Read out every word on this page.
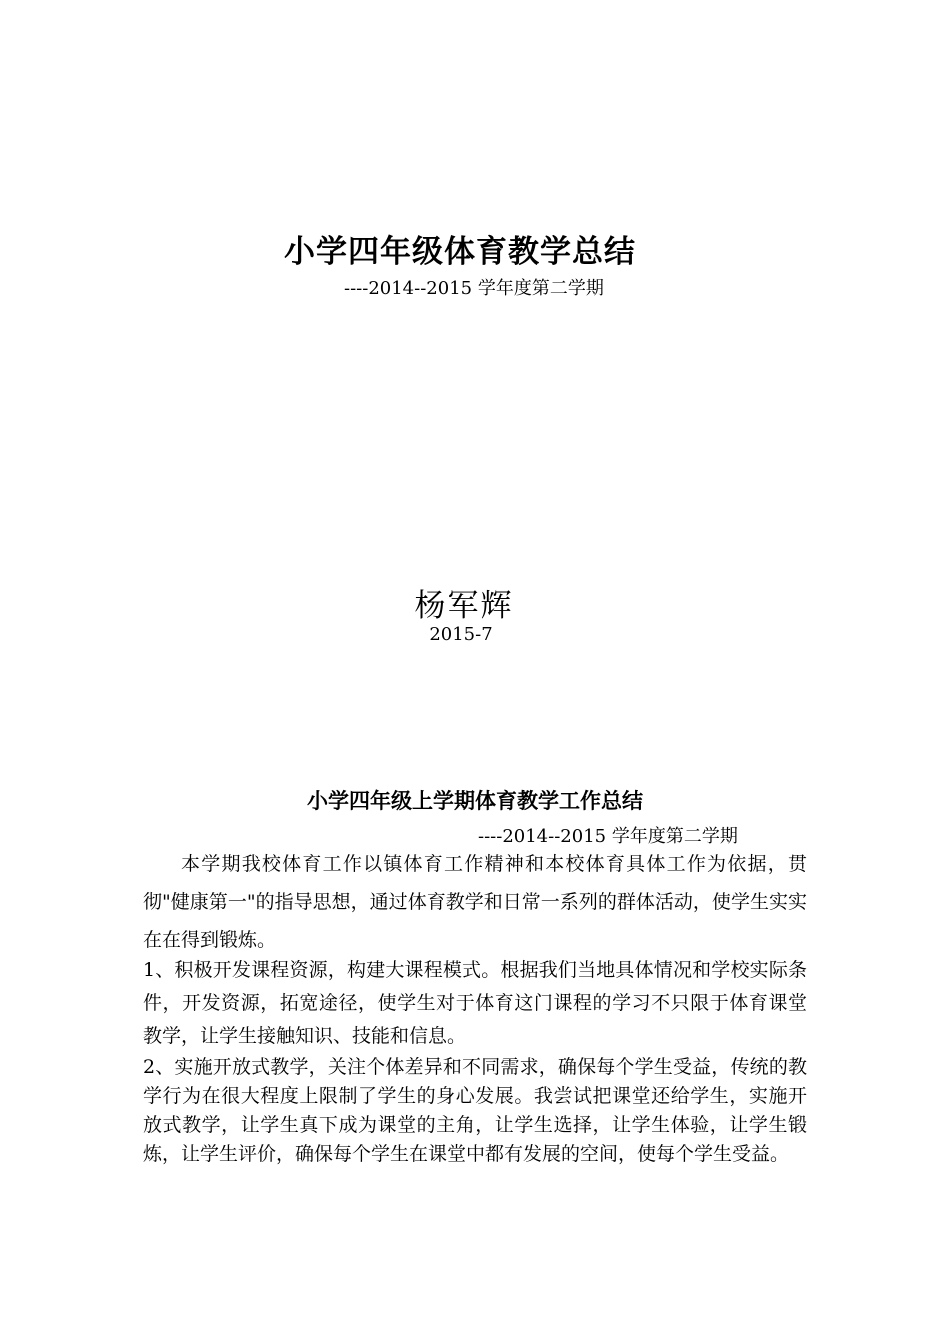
小学四年级体育教学总结
----2014--2015 学年度第二学期
杨军辉
2015-7
小学四年级上学期体育教学工作总结
----2014--2015 学年度第二学期
本学期我校体育工作以镇体育工作精神和本校体育具体工作为依据，贯彻"健康第一"的指导思想，通过体育教学和日常一系列的群体活动，使学生实实在在得到锻炼。
1、积极开发课程资源，构建大课程模式。根据我们当地具体情况和学校实际条件，开发资源，拓宽途径，使学生对于体育这门课程的学习不只限于体育课堂教学，让学生接触知识、技能和信息。
2、实施开放式教学，关注个体差异和不同需求，确保每个学生受益，传统的教学行为在很大程度上限制了学生的身心发展。我尝试把课堂还给学生，实施开放式教学，让学生真下成为课堂的主角，让学生选择，让学生体验，让学生锻炼，让学生评价，确保每个学生在课堂中都有发展的空间，使每个学生受益。
